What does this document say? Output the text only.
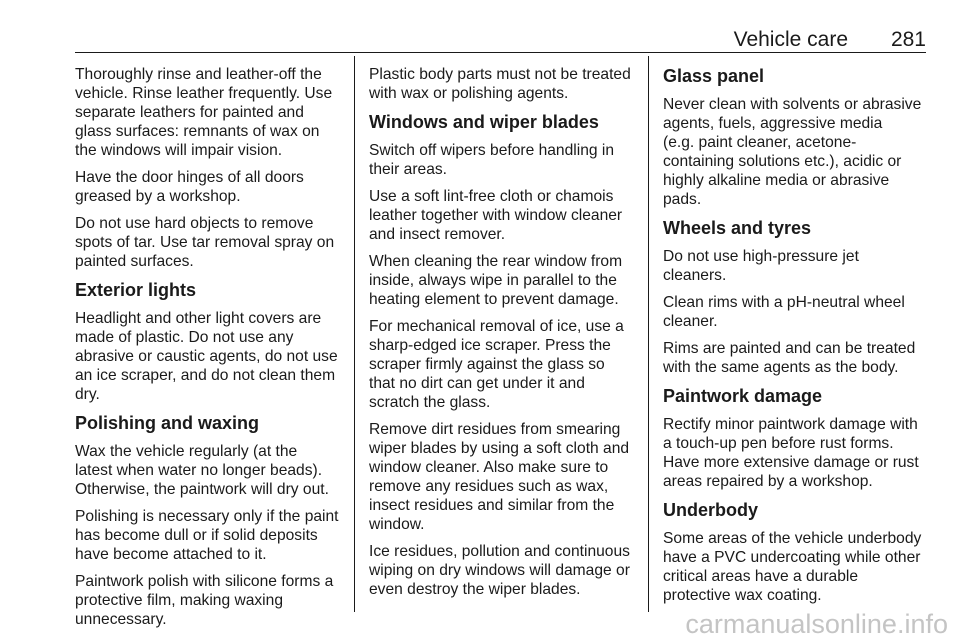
Vehicle care 281

Thoroughly rinse and leather-off the
vehicle. Rinse leather frequently. Use
separate leathers for painted and
glass surfaces: remnants of wax on
the windows will impair vision.

Have the door hinges of all doors
greased by a workshop.

Do not use hard objects to remove
spots of tar. Use tar removal spray on
painted surfaces.

Exterior lights

Headlight and other light covers are
made of plastic. Do not use any
abrasive or caustic agents, do not use
an ice scraper, and do not clean them
dry.

Polishing and waxing

Wax the vehicle regularly (at the
latest when water no longer beads).
Otherwise, the paintwork will dry out.

Polishing is necessary only if the paint
has become dull or if solid deposits
have become attached to it.

Paintwork polish with silicone forms a
protective film, making waxing
unnecessary.

Plastic body parts must not be treated
with wax or polishing agents.

Windows and wiper blades

Switch off wipers before handling in
their areas.

Use a soft lint-free cloth or chamois
leather together with window cleaner
and insect remover.

When cleaning the rear window from
inside, always wipe in parallel to the
heating element to prevent damage.

For mechanical removal of ice, use a
sharp-edged ice scraper. Press the
scraper firmly against the glass so
that no dirt can get under it and
scratch the glass.

Remove dirt residues from smearing
wiper blades by using a soft cloth and
window cleaner. Also make sure to
remove any residues such as wax,
insect residues and similar from the
window.

Ice residues, pollution and continuous
wiping on dry windows will damage or
even destroy the wiper blades.

Glass panel

Never clean with solvents or abrasive
agents, fuels, aggressive media
(e.g. paint cleaner, acetone-
containing solutions etc.), acidic or
highly alkaline media or abrasive
pads.

Wheels and tyres

Do not use high-pressure jet
cleaners.

Clean rims with a pH-neutral wheel
cleaner.

Rims are painted and can be treated
with the same agents as the body.

Paintwork damage

Rectify minor paintwork damage with
a touch-up pen before rust forms.
Have more extensive damage or rust
areas repaired by a workshop.

Underbody

Some areas of the vehicle underbody
have a PVC undercoating while other
critical areas have a durable
protective wax coating.

carmanualsonline.info
